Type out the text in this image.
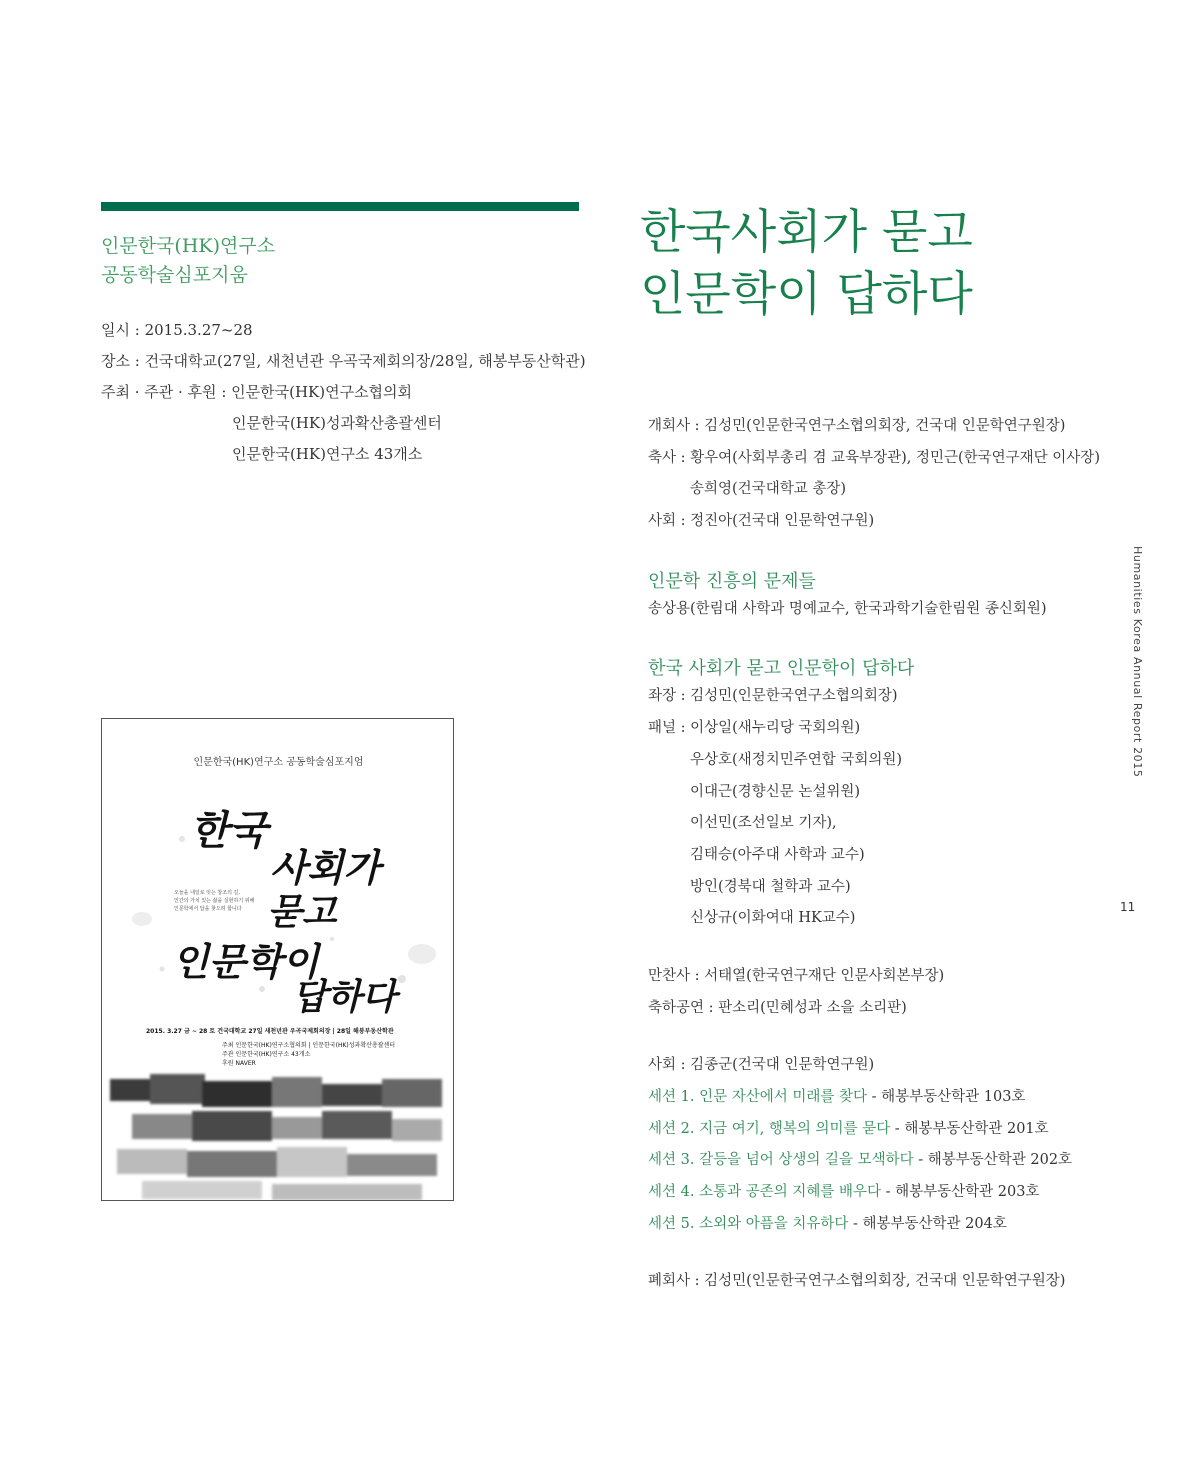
인문한국(HK)연구소
공동학술심포지움
일시 : 2015.3.27~28
장소 : 건국대학교(27일, 새천년관 우곡국제회의장/28일, 해봉부동산학관)
주최 · 주관 · 후원 : 인문한국(HK)연구소협의회
인문한국(HK)성과확산총괄센터
인문한국(HK)연구소 43개소
한국사회가 묻고
인문학이 답하다
개회사 : 김성민(인문한국연구소협의회장, 건국대 인문학연구원장)
축사 : 황우여(사회부총리 겸 교육부장관), 정민근(한국연구재단 이사장)
송희영(건국대학교 총장)
사회 : 정진아(건국대 인문학연구원)
인문학 진흥의 문제들
송상용(한림대 사학과 명예교수, 한국과학기술한림원 종신회원)
한국 사회가 묻고 인문학이 답하다
좌장 : 김성민(인문한국연구소협의회장)
패널 : 이상일(새누리당 국회의원)
우상호(새정치민주연합 국회의원)
이대근(경향신문 논설위원)
이선민(조선일보 기자),
김태승(아주대 사학과 교수)
방인(경북대 철학과 교수)
신상규(이화여대 HK교수)
만찬사 : 서태열(한국연구재단 인문사회본부장)
축하공연 : 판소리(민혜성과 소을 소리판)
사회 : 김종군(건국대 인문학연구원)
세션 1. 인문 자산에서 미래를 찾다 - 해봉부동산학관 103호
세션 2. 지금 여기, 행복의 의미를 묻다 - 해봉부동산학관 201호
세션 3. 갈등을 넘어 상생의 길을 모색하다 - 해봉부동산학관 202호
세션 4. 소통과 공존의 지혜를 배우다 - 해봉부동산학관 203호
세션 5. 소외와 아픔을 치유하다 - 해봉부동산학관 204호
폐회사 : 김성민(인문한국연구소협의회장, 건국대 인문학연구원장)
Humanities Korea Annual Report 2015
11
인문한국(HK)연구소 공동학술심포지엄
한국
사회가
묻고
인문학이
답하다
오늘을 내일로 잇는 창조의 길,
인간의 가치 있는 삶을 실현하기 위해
인문학에서 답을 찾으려 합니다
2015. 3.27 금 ~ 28 토 건국대학교 27일 새천년관 우곡국제회의장 | 28일 해봉부동산학관
주최 인문한국(HK)연구소협의회 | 인문한국(HK)성과확산총괄센터
주관 인문한국(HK)연구소 43개소
후원 NAVER
